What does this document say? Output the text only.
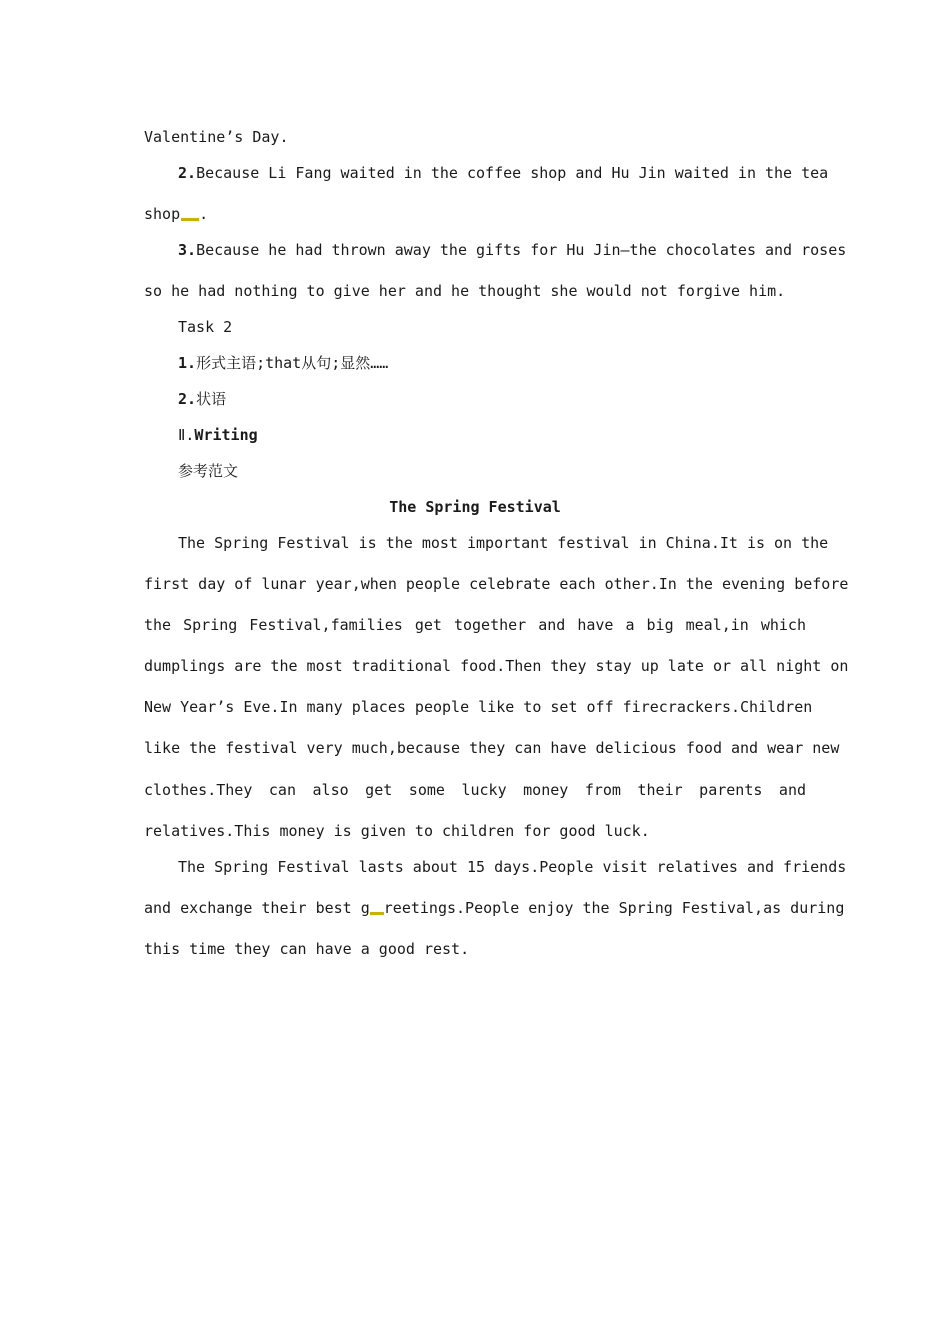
Valentine’s Day.
2.Because Li Fang waited in the coffee shop and Hu Jin waited in the tea
shop .
3.Because he had thrown away the gifts for Hu Jin—the chocolates and roses
so he had nothing to give her and he thought she would not forgive him.
Task 2
1.形式主语;that从句;显然……
2.状语
Ⅱ.Writing
参考范文
The Spring Festival
The Spring Festival is the most important festival in China.It is on the
first day of lunar year,when people celebrate each other.In the evening before
the Spring Festival,families get together and have a big meal,in which
dumplings are the most traditional food.Then they stay up late or all night on
New Year’s Eve.In many places people like to set off firecrackers.Children
like the festival very much,because they can have delicious food and wear new
clothes.They can also get some lucky money from their parents and
relatives.This money is given to children for good luck.
The Spring Festival lasts about 15 days.People visit relatives and friends
and exchange their best g reetings.People enjoy the Spring Festival,as during
this time they can have a good rest.
